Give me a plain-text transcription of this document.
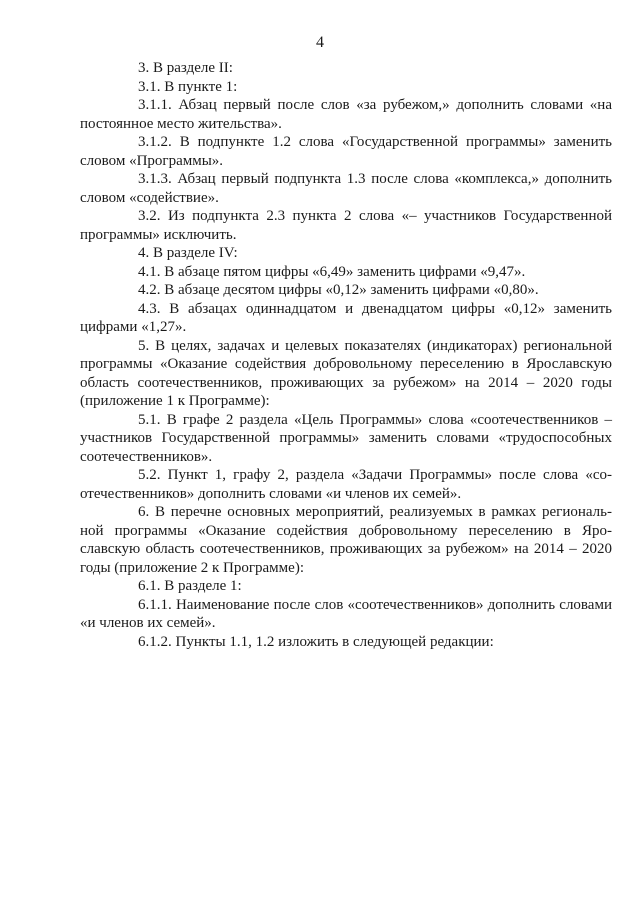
4

3. В разделе II:

3.1. В пункте 1:

3.1.1. Абзац первый после слов «за рубежом,» дополнить словами «на постоянное место жительства».

3.1.2. В подпункте 1.2 слова «Государственной программы» заменить словом «Программы».

3.1.3. Абзац первый подпункта 1.3 после слова «комплекса,» дополнить словом «содействие».

3.2. Из подпункта 2.3 пункта 2 слова «– участников Государственной программы» исключить.

4. В разделе IV:

4.1. В абзаце пятом цифры «6,49» заменить цифрами «9,47».

4.2. В абзаце десятом цифры «0,12» заменить цифрами «0,80».

4.3. В абзацах одиннадцатом и двенадцатом цифры «0,12» заменить цифрами «1,27».

5. В целях, задачах и целевых показателях (индикаторах) региональной программы «Оказание содействия добровольному переселению в Ярославскую область соотечественников, проживающих за рубежом» на 2014 – 2020 годы (приложение 1 к Программе):

5.1. В графе 2 раздела «Цель Программы» слова «соотечественников – участников Государственной программы» заменить словами «трудоспособных соотечественников».

5.2. Пункт 1, графу 2, раздела «Задачи Программы» после слова «соотечественников» дополнить словами «и членов их семей».

6. В перечне основных мероприятий, реализуемых в рамках региональной программы «Оказание содействия добровольному переселению в Ярославскую область соотечественников, проживающих за рубежом» на 2014 – 2020 годы (приложение 2 к Программе):

6.1. В разделе 1:

6.1.1. Наименование после слов «соотечественников» дополнить словами «и членов их семей».

6.1.2. Пункты 1.1, 1.2 изложить в следующей редакции:
